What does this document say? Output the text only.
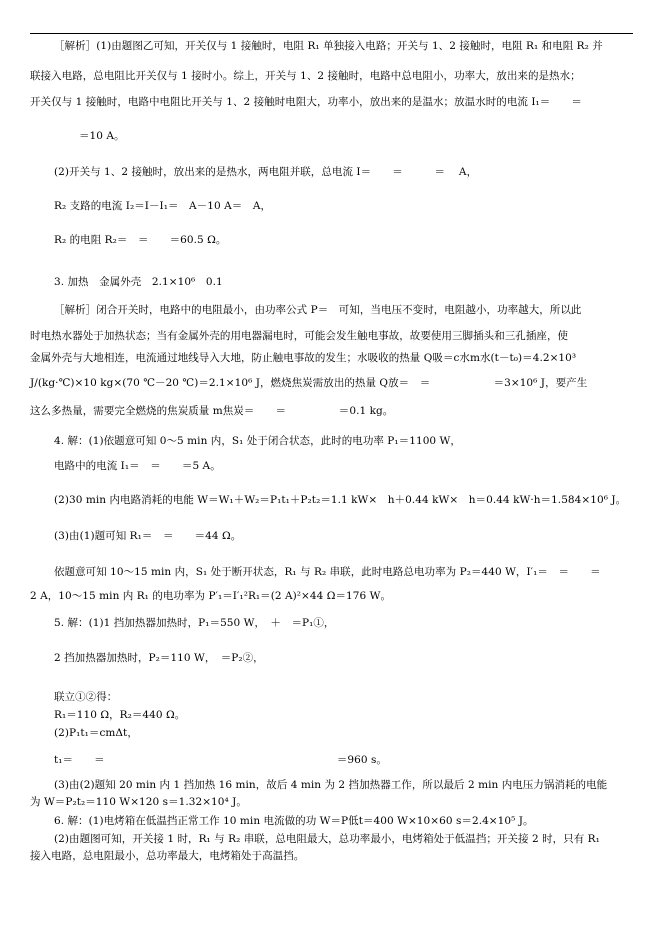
［解析］(1)由题图乙可知，开关仅与 1 接触时，电阻 R₁ 单独接入电路；开关与 1、2 接触时，电阻 R₁ 和电阻 R₂ 并
联接入电路，总电阻比开关仅与 1 接时小。综上，开关与 1、2 接触时，电路中总电阻小，功率大，放出来的是热水；
开关仅与 1 接触时，电路中电阻比开关与 1、2 接触时电阻大，功率小，放出来的是温水；放温水时的电流 I₁＝　　＝
＝10 A。
(2)开关与 1、2 接触时，放出来的是热水，两电阻并联，总电流 I＝　　＝　　　＝　 A，
R₂ 支路的电流 I₂＝I－I₁＝　A－10 A＝　A，
R₂ 的电阻 R₂＝　＝　　＝60.5 Ω。
3. 加热　金属外壳　2.1×10⁶　0.1
［解析］闭合开关时，电路中的电阻最小，由功率公式 P＝　可知，当电压不变时，电阻越小，功率越大，所以此
时电热水器处于加热状态；当有金属外壳的用电器漏电时，可能会发生触电事故，故要使用三脚插头和三孔插座，使
金属外壳与大地相连，电流通过地线导入大地，防止触电事故的发生；水吸收的热量 Q吸＝c水m水(t－t₀)＝4.2×10³
J/(kg·℃)×10 kg×(70 ℃－20 ℃)＝2.1×10⁶ J，燃烧焦炭需放出的热量 Q放＝　＝　　　　　　＝3×10⁶ J，要产生
这么多热量，需要完全燃烧的焦炭质量 m焦炭＝　　＝　　　　　＝0.1 kg。
4. 解：(1)依题意可知 0～5 min 内，S₁ 处于闭合状态，此时的电功率 P₁＝1100 W，
电路中的电流 I₁＝　＝　　＝5 A。
(2)30 min 内电路消耗的电能 W＝W₁＋W₂＝P₁t₁＋P₂t₂＝1.1 kW×　h＋0.44 kW×　h＝0.44 kW·h＝1.584×10⁶ J。
(3)由(1)题可知 R₁＝　＝　　＝44 Ω。
依题意可知 10～15 min 内，S₁ 处于断开状态，R₁ 与 R₂ 串联，此时电路总电功率为 P₂＝440 W，I′₁＝　＝　　＝
2 A，10～15 min 内 R₁ 的电功率为 P′₁＝I′₁²R₁＝(2 A)²×44 Ω＝176 W。
5. 解：(1)1 挡加热器加热时，P₁＝550 W，　＋　＝P₁①，
2 挡加热器加热时，P₂＝110 W，　＝P₂②，
联立①②得：
R₁＝110 Ω，R₂＝440 Ω。
(2)P₁t₁＝cmΔt，
t₁＝　　＝　　　　　　　　　　　　　　　　　　　　　　＝960 s。
(3)由(2)题知 20 min 内 1 挡加热 16 min，故后 4 min 为 2 挡加热器工作，所以最后 2 min 内电压力锅消耗的电能
为 W＝P₂t₂＝110 W×120 s＝1.32×10⁴ J。
6. 解：(1)电烤箱在低温挡正常工作 10 min 电流做的功 W＝P低t＝400 W×10×60 s＝2.4×10⁵ J。
(2)由题图可知，开关接 1 时，R₁ 与 R₂ 串联，总电阻最大，总功率最小，电烤箱处于低温挡；开关接 2 时，只有 R₁
接入电路，总电阻最小，总功率最大，电烤箱处于高温挡。
